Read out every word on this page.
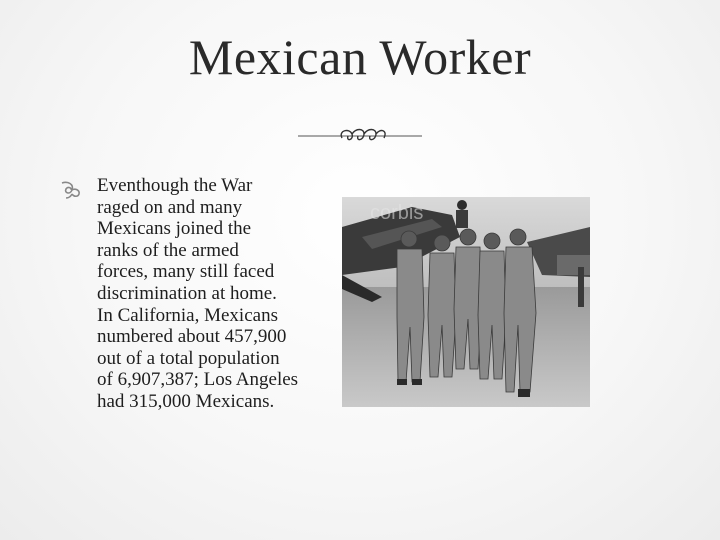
Mexican Worker
Eventhough the War
raged on and many
Mexicans joined the
ranks of the armed
forces, many still faced
discrimination at home.
In California, Mexicans
numbered about 457,900
out of a total population
of 6,907,387; Los Angeles
had 315,000 Mexicans.
corbis
